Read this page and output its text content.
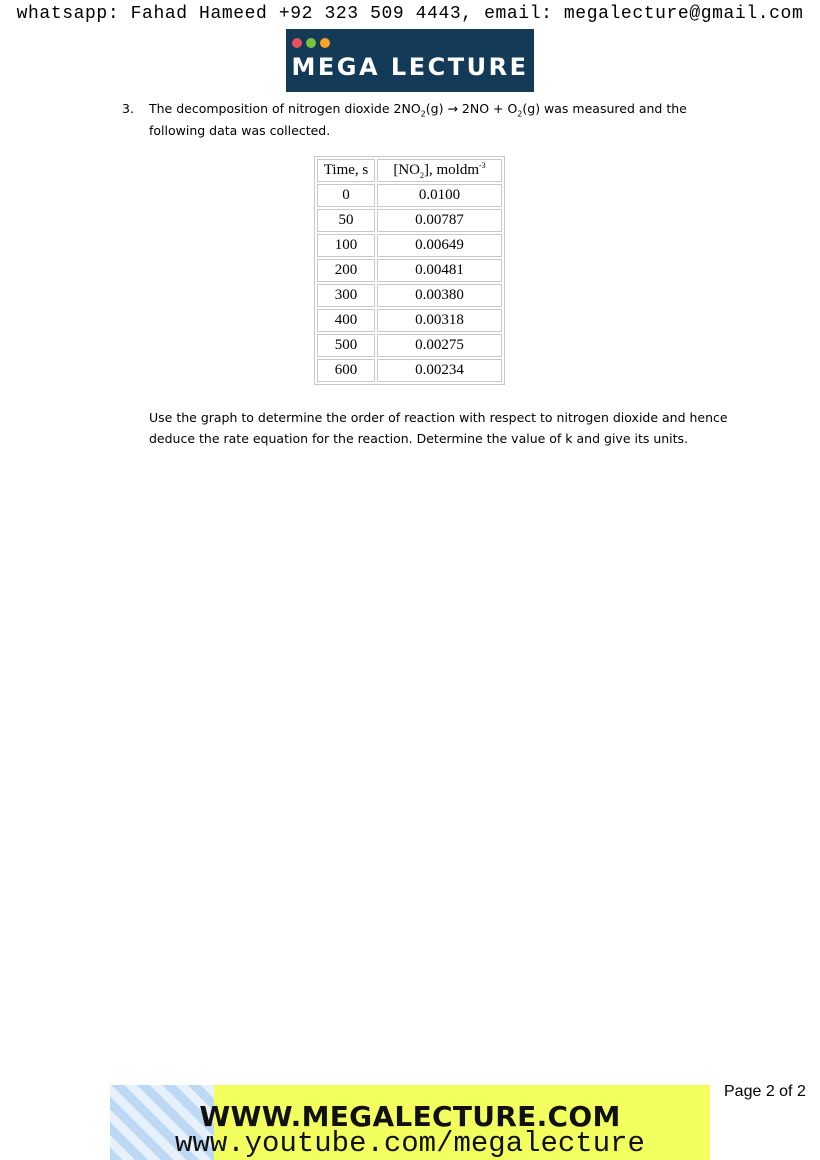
whatsapp: Fahad Hameed +92 323 509 4443, email: megalecture@gmail.com
MEGA LECTURE
3. The decomposition of nitrogen dioxide $2NO_2(g) \to 2NO + O_2(g)$ was measured and the following data was collected.
Time, s	$[NO_2]$, moldm$^{-3}$
0	0.0100
50	0.00787
100	0.00649
200	0.00481
300	0.00380
400	0.00318
500	0.00275
600	0.00234
Use the graph to determine the order of reaction with respect to nitrogen dioxide and hence deduce the rate equation for the reaction. Determine the value of k and give its units.
WWW.MEGALECTURE.COM
www.youtube.com/megalecture
Page 2 of 2
